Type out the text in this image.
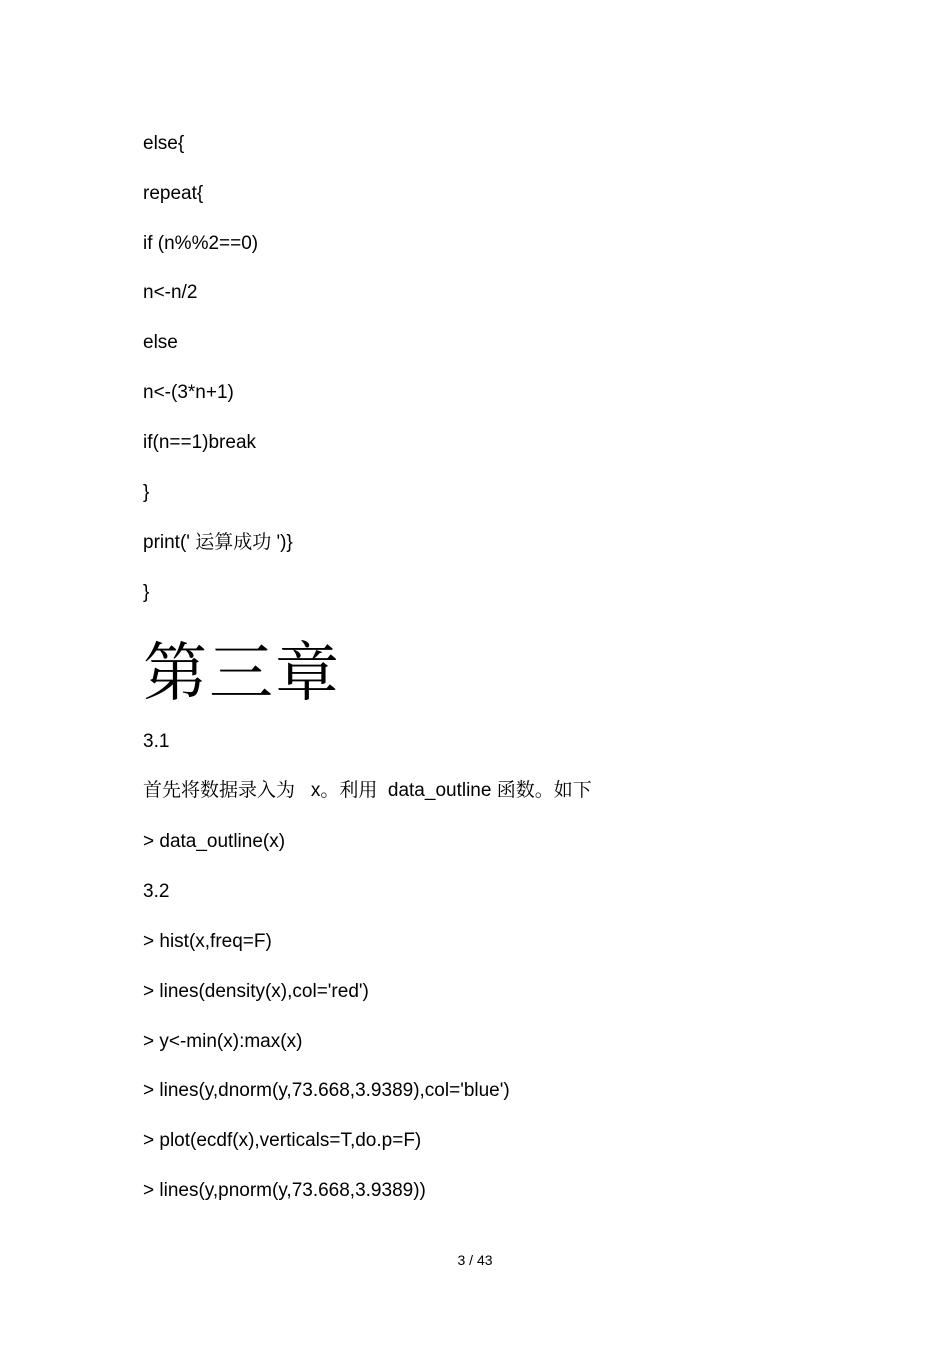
else{
repeat{
if (n%%2==0)
n<-n/2
else
n<-(3*n+1)
if(n==1)break
}
print(' 运算成功 ')}
}
第三章
3.1
首先将数据录入为   x。利用  data_outline 函数。如下
> data_outline(x)
3.2
> hist(x,freq=F)
> lines(density(x),col='red')
> y<-min(x):max(x)
> lines(y,dnorm(y,73.668,3.9389),col='blue')
> plot(ecdf(x),verticals=T,do.p=F)
> lines(y,pnorm(y,73.668,3.9389))
3 / 43
